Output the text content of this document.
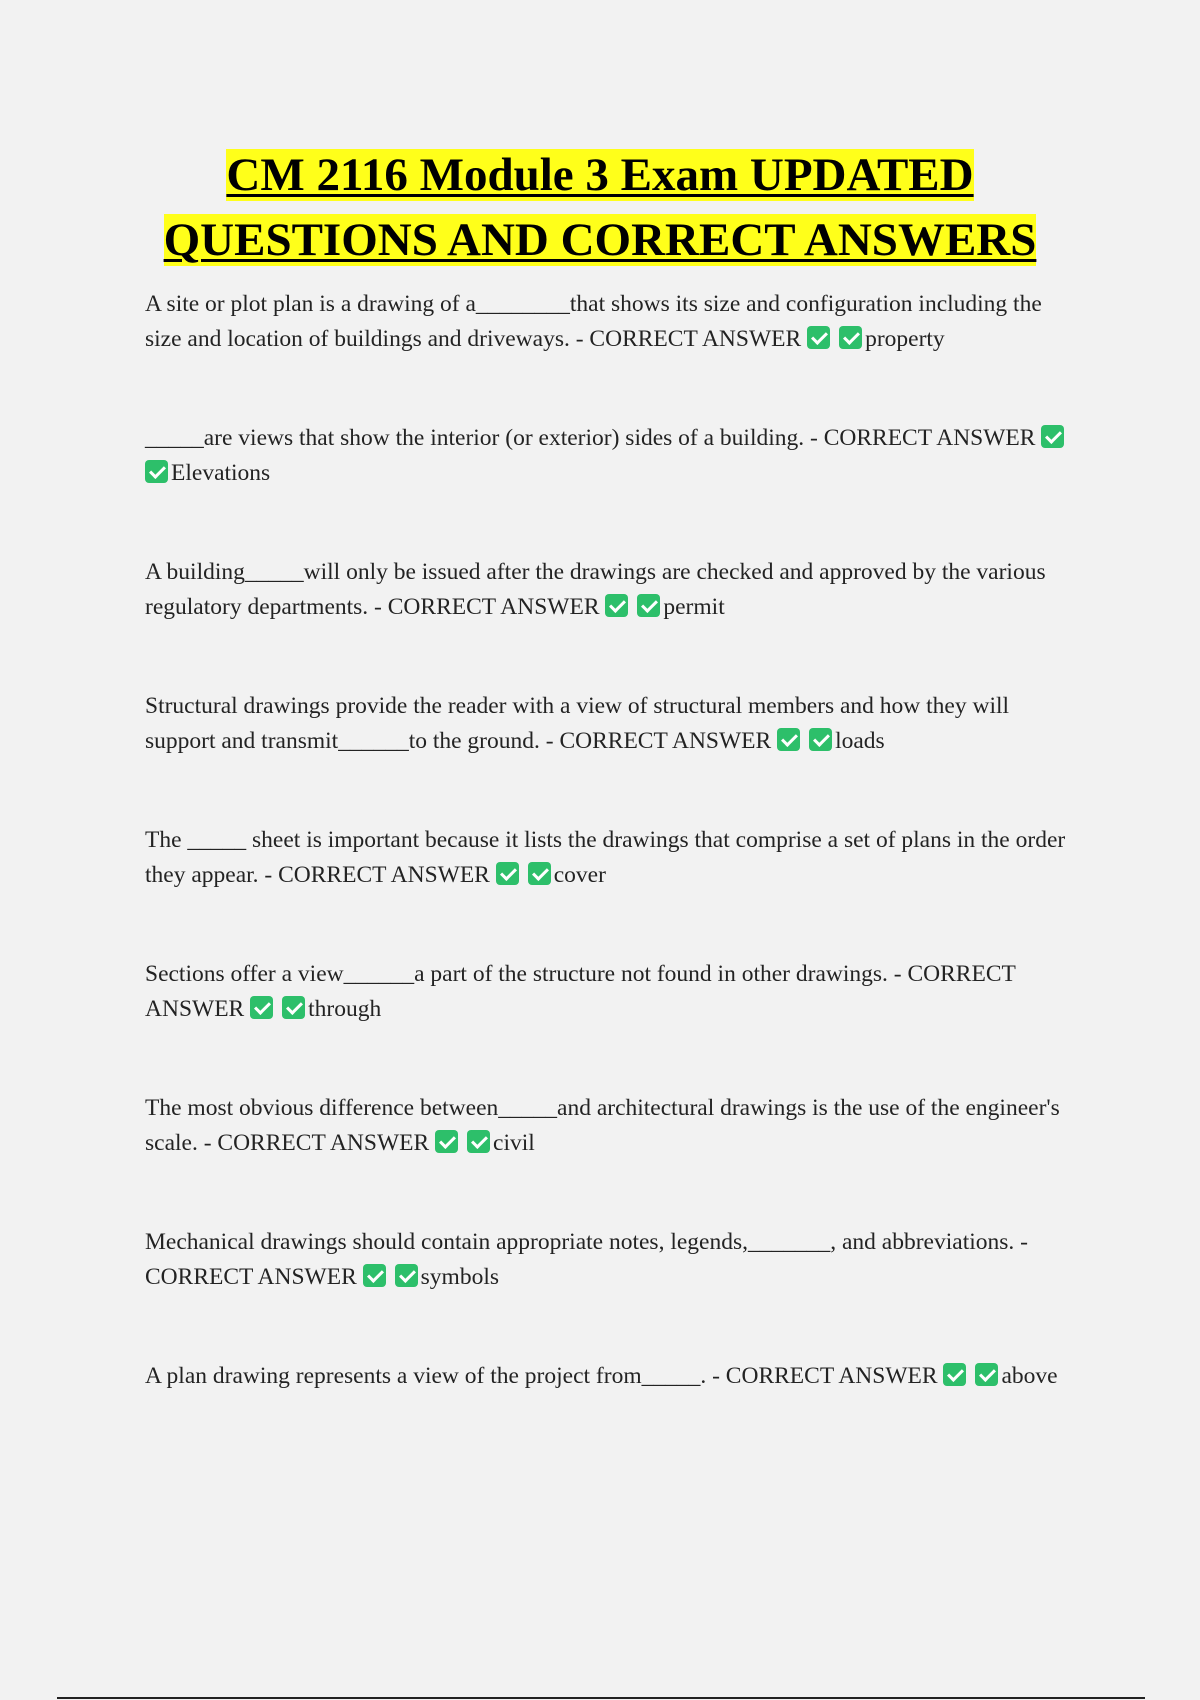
CM 2116 Module 3 Exam UPDATED
QUESTIONS AND CORRECT ANSWERS

A site or plot plan is a drawing of a________that shows its size and configuration including the size and location of buildings and driveways. - CORRECT ANSWER	property

_____are views that show the interior (or exterior) sides of a building. - CORRECT ANSWER Elevations

A building_____will only be issued after the drawings are checked and approved by the various regulatory departments. - CORRECT ANSWER	permit

Structural drawings provide the reader with a view of structural members and how they will support and transmit______to the ground. - CORRECT ANSWER	loads

The _____ sheet is important because it lists the drawings that comprise a set of plans in the order they appear. - CORRECT ANSWER	cover

Sections offer a view______a part of the structure not found in other drawings. - CORRECT ANSWER	through

The most obvious difference between_____and architectural drawings is the use of the engineer's scale. - CORRECT ANSWER	civil

Mechanical drawings should contain appropriate notes, legends,_______, and abbreviations. - CORRECT ANSWER	symbols

A plan drawing represents a view of the project from_____. - CORRECT ANSWER	above
